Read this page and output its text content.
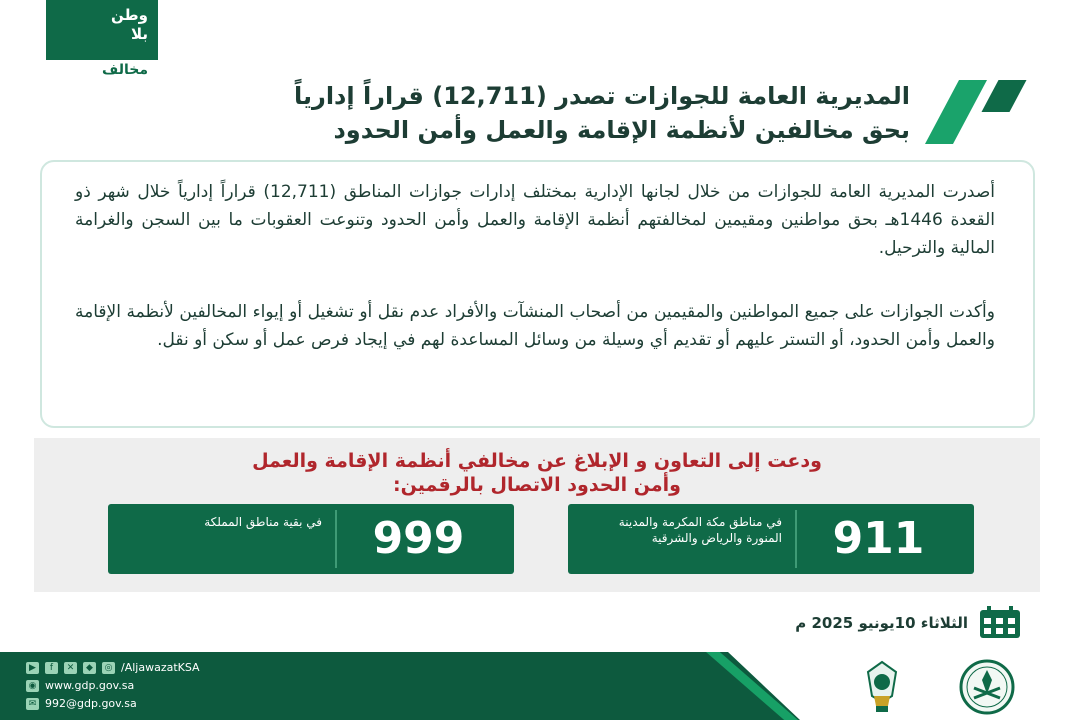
وطن
بلا
مخالف
المديرية العامة للجوازات تصدر (12,711) قراراً إدارياً
بحق مخالفين لأنظمة الإقامة والعمل وأمن الحدود
أصدرت المديرية العامة للجوازات من خلال لجانها الإدارية بمختلف إدارات جوازات المناطق (12,711) قراراً إدارياً خلال شهر ذو القعدة 1446هـ بحق مواطنين ومقيمين لمخالفتهم أنظمة الإقامة والعمل وأمن الحدود وتنوعت العقوبات ما بين السجن والغرامة المالية والترحيل.
وأكدت الجوازات على جميع المواطنين والمقيمين من أصحاب المنشآت والأفراد عدم نقل أو تشغيل أو إيواء المخالفين لأنظمة الإقامة والعمل وأمن الحدود، أو التستر عليهم أو تقديم أي وسيلة من وسائل المساعدة لهم في إيجاد فرص عمل أو سكن أو نقل.
ودعت إلى التعاون و الإبلاغ عن مخالفي أنظمة الإقامة والعمل
وأمن الحدود الاتصال بالرقمين:
911
في مناطق مكة المكرمة والمدينة المنورة والرياض والشرقية
999
في بقية مناطق المملكة
الثلاثاء 10يونيو 2025 م
▶	f	✕	◆	◎ /AljawazatKSA
◉ www.gdp.gov.sa
✉ 992@gdp.gov.sa
